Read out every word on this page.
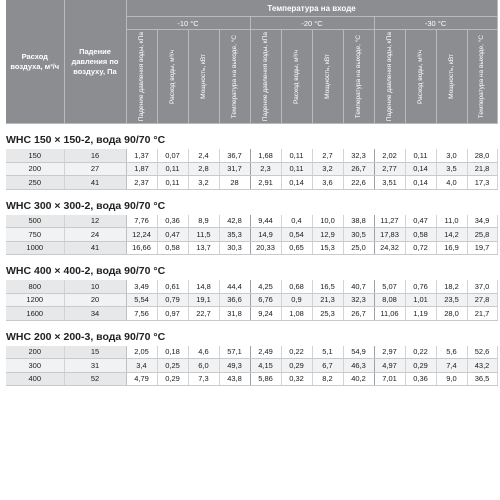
Расход воздуха, м³/ч	Падение давления по воздуху, Па	Температура на входе											
		-10 °C				-20 °C				-30 °C			

		Падение давления воды, кПа	Расход воды, м³/ч	Мощность, кВт	Температура на выходе, °C	Падение давления воды, кПа	Расход воды, м³/ч	Мощность, кВт	Температура на выходе, °C	Падение давления воды, кПа	Расход воды, м³/ч	Мощность, кВт	Температура на выходе, °C

WHC 150 × 150-2, вода 90/70 °C													
150	16	1,37	0,07	2,4	36,7	1,68	0,11	2,7	32,3	2,02	0,11	3,0	28,0
200	27	1,87	0,11	2,8	31,7	2,3	0,11	3,2	26,7	2,77	0,14	3,5	21,8
250	41	2,37	0,11	3,2	28	2,91	0,14	3,6	22,6	3,51	0,14	4,0	17,3
WHC 300 × 300-2, вода 90/70 °C													
500	12	7,76	0,36	8,9	42,8	9,44	0,4	10,0	38,8	11,27	0,47	11,0	34,9
750	24	12,24	0,47	11,5	35,3	14,9	0,54	12,9	30,5	17,83	0,58	14,2	25,8
1000	41	16,66	0,58	13,7	30,3	20,33	0,65	15,3	25,0	24,32	0,72	16,9	19,7
WHC 400 × 400-2, вода 90/70 °C													
800	10	3,49	0,61	14,8	44,4	4,25	0,68	16,5	40,7	5,07	0,76	18,2	37,0
1200	20	5,54	0,79	19,1	36,6	6,76	0,9	21,3	32,3	8,08	1,01	23,5	27,8
1600	34	7,56	0,97	22,7	31,8	9,24	1,08	25,3	26,7	11,06	1,19	28,0	21,7
WHC 200 × 200-3, вода 90/70 °C													
200	15	2,05	0,18	4,6	57,1	2,49	0,22	5,1	54,9	2,97	0,22	5,6	52,6
300	31	3,4	0,25	6,0	49,3	4,15	0,29	6,7	46,3	4,97	0,29	7,4	43,2
400	52	4,79	0,29	7,3	43,8	5,86	0,32	8,2	40,2	7,01	0,36	9,0	36,5
